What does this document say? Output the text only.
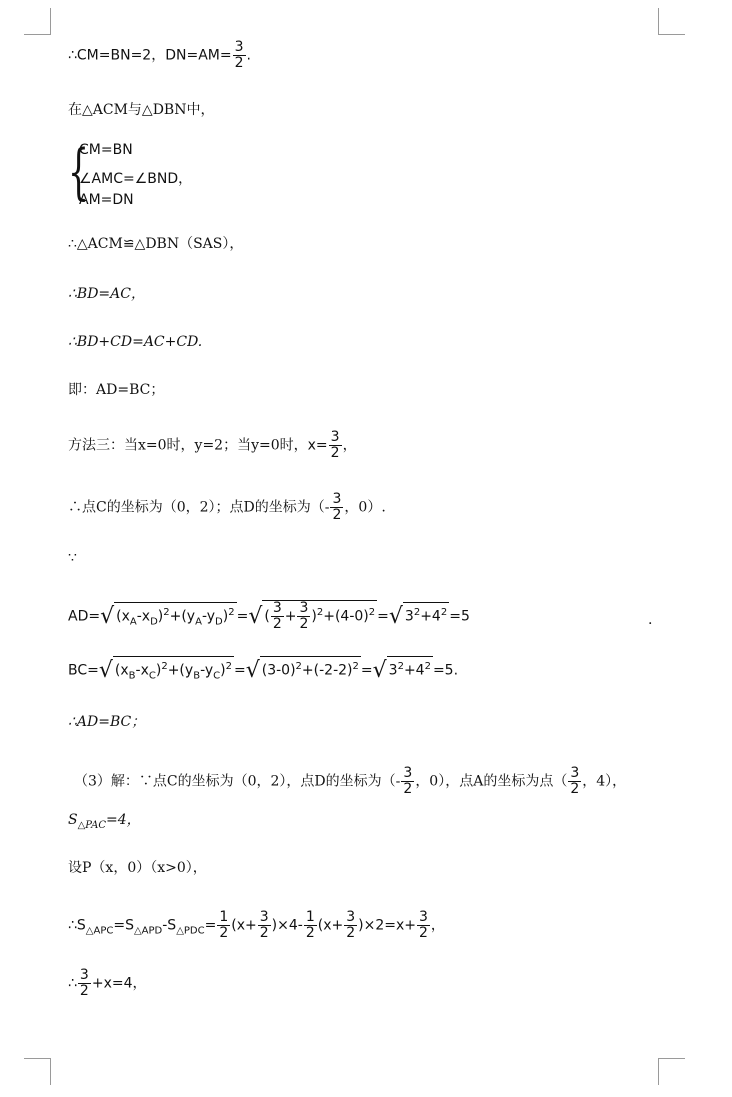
∴CM=BN=2，$DN=AM= \frac{3}{2}$ .
在△ACM与△DBN中，
{
CM=BN
∠AMC=∠BND，
AM=DN
∴△ACM≌△DBN（SAS），
∴BD=AC，
∴BD+CD=AC+CD.
即：AD=BC；
方法三：当x=0时，y=2；当y=0时，$x= \frac{3}{2}$ ，
∴点C的坐标为（0，2）；点D的坐标为（- $\frac{3}{2}$ ，0）.
∵
AD=√ $(x_A-x_D)^2+(y_A-y_D)^2$ =√ ( $\frac{3}{2} + \frac{3}{2} )^2+(4-0)^2$ =√ $3^2+4^2 =5$	.
BC=√ $(x_B-x_C)^2+(y_B-y_C)^2$ =√ $(3-0)^2+(-2-2)^2$ =√ $3^2+4^2 =5$.
∴AD=BC；
（3）解：∵点C的坐标为（0，2），点D的坐标为（- $\frac{3}{2}$ ，0），点A的坐标为点（ $\frac{3}{2}$ ，4），
$S_{\triangle PAC}=4$，
设P（x，0）（x>0），
$\therefore S_{\triangle APC}=S_{\triangle APD}-S_{\triangle PDC}= \frac{1}{2} (x+ \frac{3}{2} )\times 4- \frac{1}{2} (x+ \frac{3}{2} )\times 2=x+ \frac{3}{2}$ ，
∴ $\frac{3}{2} +x=4$，
